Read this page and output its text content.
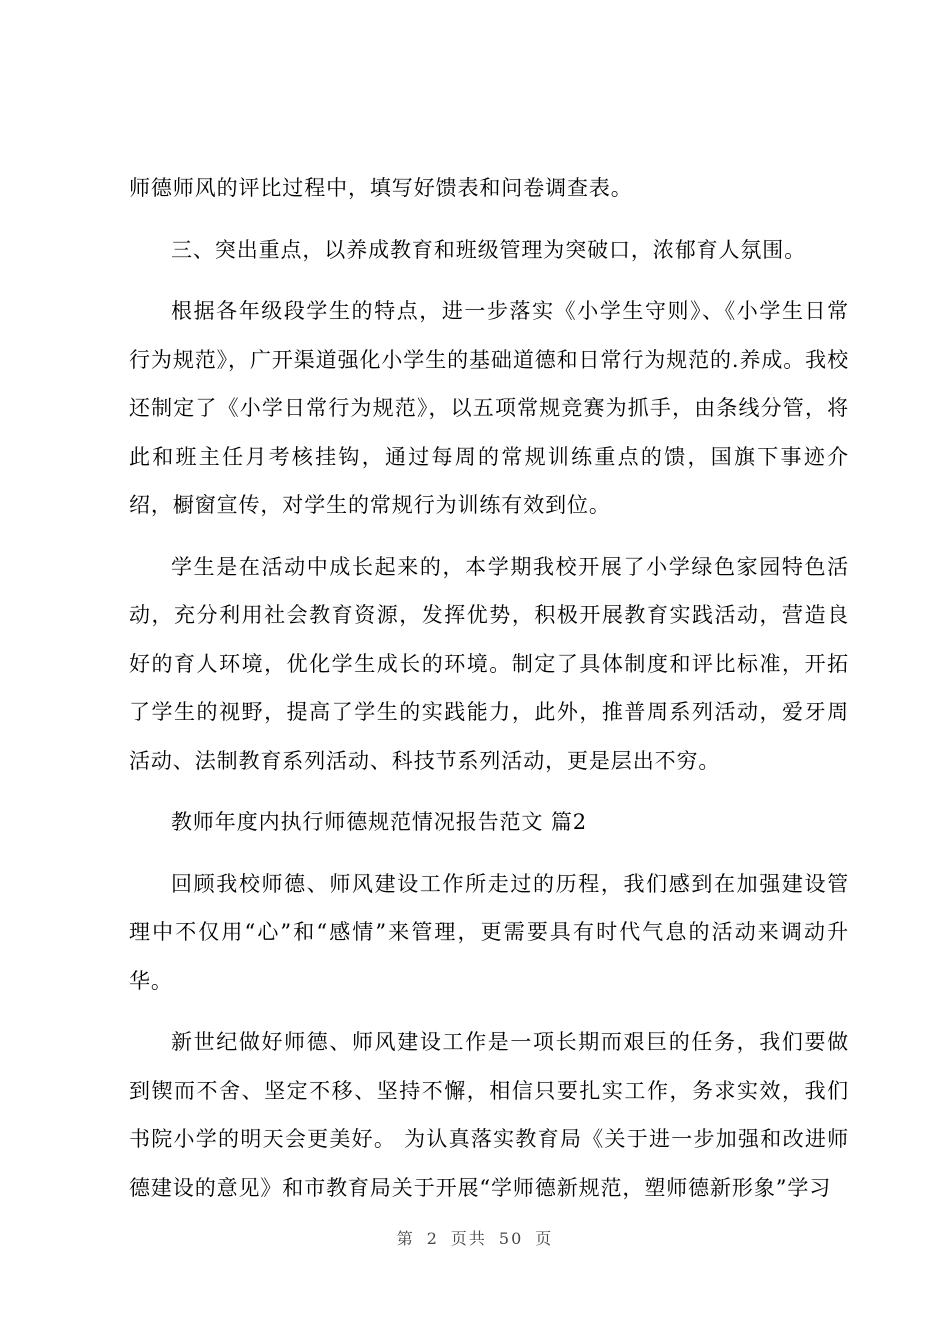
师德师风的评比过程中，填写好馈表和问卷调查表。

三、突出重点，以养成教育和班级管理为突破口，浓郁育人氛围。

根据各年级段学生的特点，进一步落实《小学生守则》、《小学生日常行为规范》，广开渠道强化小学生的基础道德和日常行为规范的.养成。我校还制定了《小学日常行为规范》，以五项常规竞赛为抓手，由条线分管，将此和班主任月考核挂钩，通过每周的常规训练重点的馈，国旗下事迹介绍，橱窗宣传，对学生的常规行为训练有效到位。

学生是在活动中成长起来的，本学期我校开展了小学绿色家园特色活动，充分利用社会教育资源，发挥优势，积极开展教育实践活动，营造良好的育人环境，优化学生成长的环境。制定了具体制度和评比标准，开拓了学生的视野，提高了学生的实践能力，此外，推普周系列活动，爱牙周活动、法制教育系列活动、科技节系列活动，更是层出不穷。

教师年度内执行师德规范情况报告范文 篇2

回顾我校师德、师风建设工作所走过的历程，我们感到在加强建设管理中不仅用“心”和“感情”来管理，更需要具有时代气息的活动来调动升华。

新世纪做好师德、师风建设工作是一项长期而艰巨的任务，我们要做到锲而不舍、坚定不移、坚持不懈，相信只要扎实工作，务求实效，我们书院小学的明天会更美好。 为认真落实教育局《关于进一步加强和改进师德建设的意见》和市教育局关于开展“学师德新规范，塑师德新形象”学习

第 2 页共 50 页
